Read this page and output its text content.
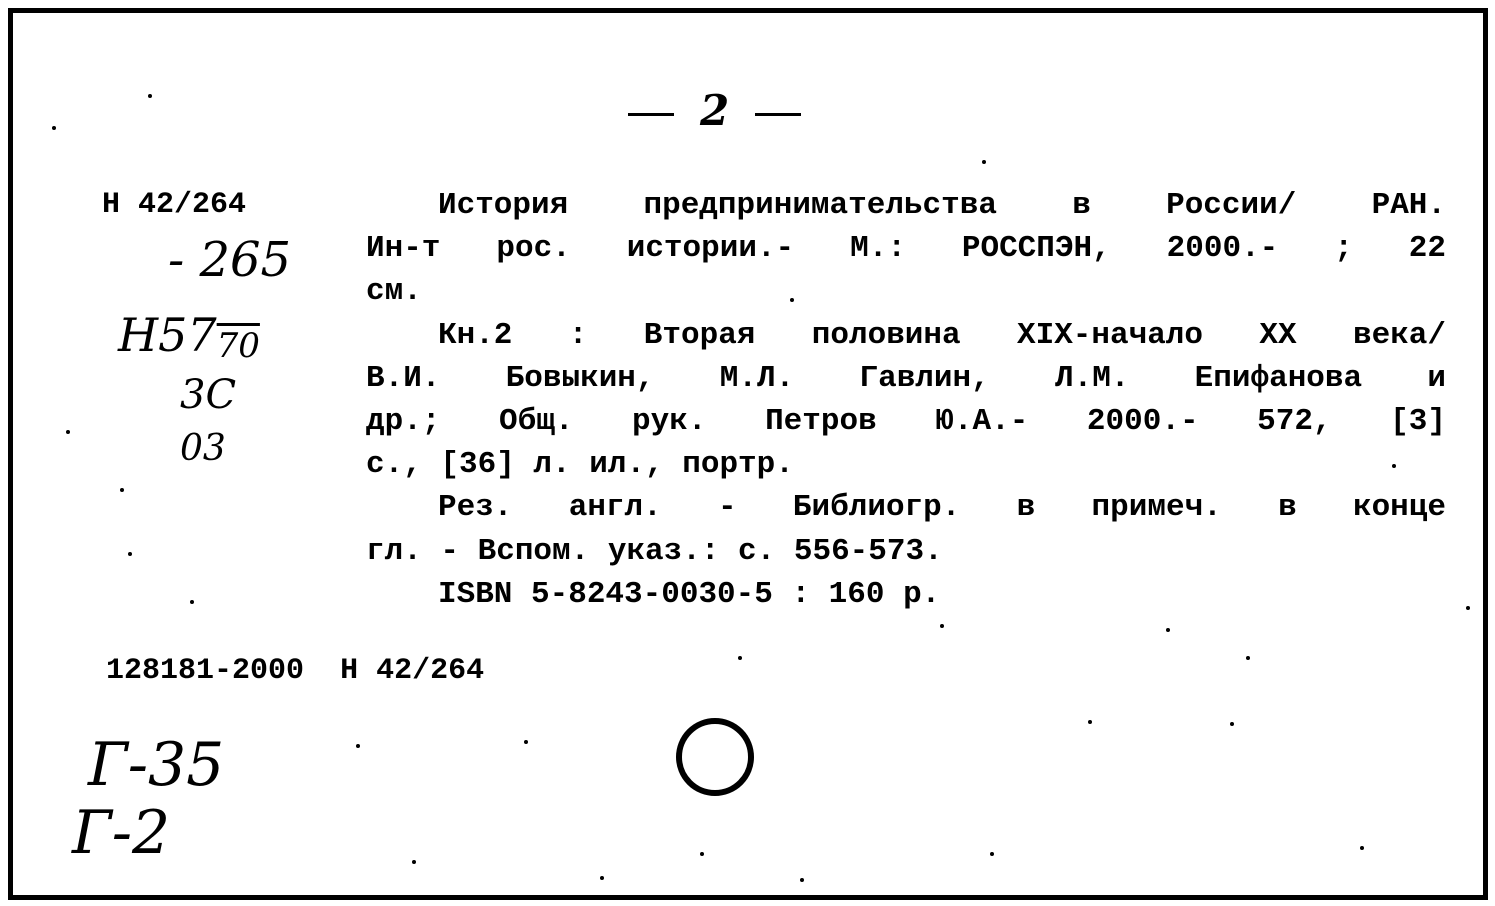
2
Н 42/264
- 265
Н5770
3С
03
История предпринимательства в России/ РАН.
Ин-т рос. истории.- М.: РОССПЭН, 2000.- ; 22
см.
Кн.2 : Вторая половина XIX-начало XX века/
В.И. Бовыкин, М.Л. Гавлин, Л.М. Епифанова и
др.; Общ. рук. Петров Ю.А.- 2000.- 572, [3]
с., [36] л. ил., портр.
Рез. англ. - Библиогр. в примеч. в конце
гл. - Вспом. указ.: с. 556-573.
ISBN 5-8243-0030-5 : 160 р.
128181-2000 Н 42/264
Г-35
Г-2
